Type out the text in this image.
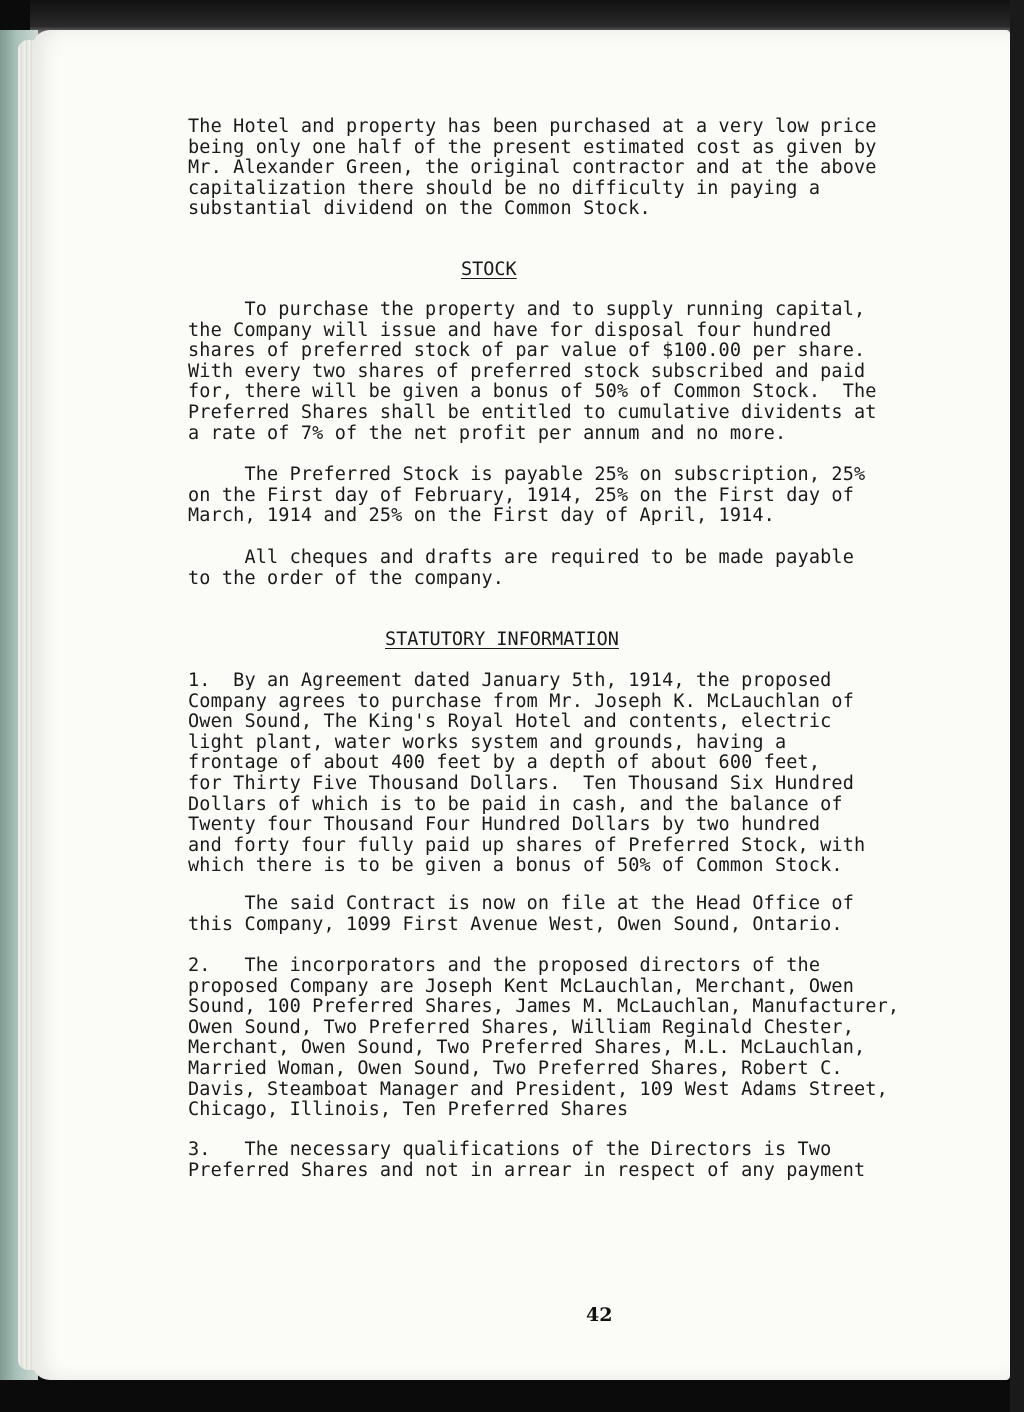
The Hotel and property has been purchased at a very low price
being only one half of the present estimated cost as given by
Mr. Alexander Green, the original contractor and at the above
capitalization there should be no difficulty in paying a
substantial dividend on the Common Stock.
STOCK
To purchase the property and to supply running capital,
the Company will issue and have for disposal four hundred
shares of preferred stock of par value of $100.00 per share.
With every two shares of preferred stock subscribed and paid
for, there will be given a bonus of 50% of Common Stock.  The
Preferred Shares shall be entitled to cumulative dividents at
a rate of 7% of the net profit per annum and no more.
The Preferred Stock is payable 25% on subscription, 25%
on the First day of February, 1914, 25% on the First day of
March, 1914 and 25% on the First day of April, 1914.
All cheques and drafts are required to be made payable
to the order of the company.
STATUTORY INFORMATION
1.  By an Agreement dated January 5th, 1914, the proposed
Company agrees to purchase from Mr. Joseph K. McLauchlan of
Owen Sound, The King's Royal Hotel and contents, electric
light plant, water works system and grounds, having a
frontage of about 400 feet by a depth of about 600 feet,
for Thirty Five Thousand Dollars.  Ten Thousand Six Hundred
Dollars of which is to be paid in cash, and the balance of
Twenty four Thousand Four Hundred Dollars by two hundred
and forty four fully paid up shares of Preferred Stock, with
which there is to be given a bonus of 50% of Common Stock.
The said Contract is now on file at the Head Office of
this Company, 1099 First Avenue West, Owen Sound, Ontario.
2.   The incorporators and the proposed directors of the
proposed Company are Joseph Kent McLauchlan, Merchant, Owen
Sound, 100 Preferred Shares, James M. McLauchlan, Manufacturer,
Owen Sound, Two Preferred Shares, William Reginald Chester,
Merchant, Owen Sound, Two Preferred Shares, M.L. McLauchlan,
Married Woman, Owen Sound, Two Preferred Shares, Robert C.
Davis, Steamboat Manager and President, 109 West Adams Street,
Chicago, Illinois, Ten Preferred Shares
3.   The necessary qualifications of the Directors is Two
Preferred Shares and not in arrear in respect of any payment
42
